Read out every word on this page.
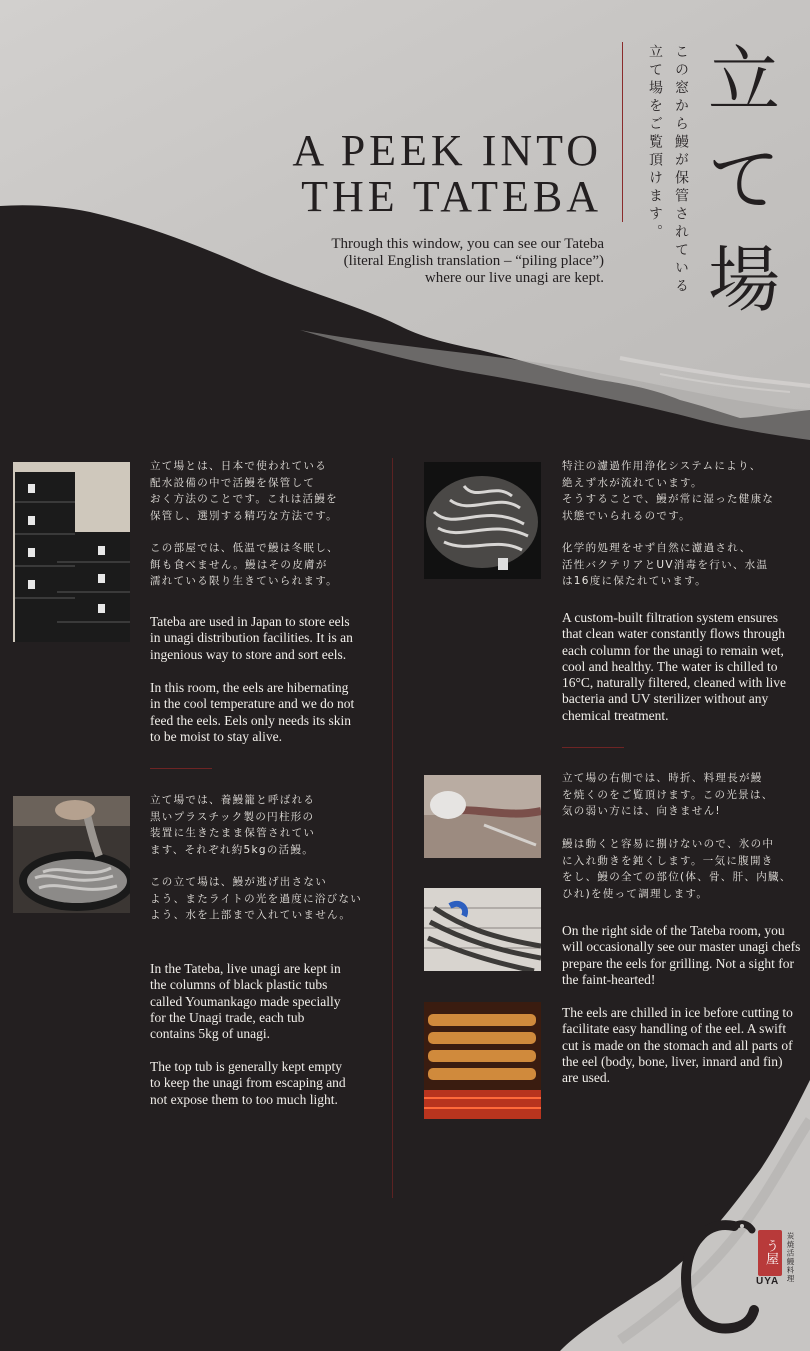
A PEEK INTO
THE TATEBA
Through this window, you can see our Tateba
(literal English translation – “piling place”)
where our live unagi are kept.	この窓から鰻が保管されている
立て場をご覧頂けます。 立
て
場
立て場とは、日本で使われている
配水設備の中で活鰻を保管して
おく方法のことです。これは活鰻を
保管し、選別する精巧な方法です。
この部屋では、低温で鰻は冬眠し、
餌も食べません。鰻はその皮膚が
濡れている限り生きていられます。
Tateba are used in Japan to store eels
in unagi distribution facilities. It is an
ingenious way to store and sort eels.
In this room, the eels are hibernating
in the cool temperature and we do not
feed the eels. Eels only needs its skin
to be moist to stay alive.
立て場では、養鰻籠と呼ばれる
黒いプラスチック製の円柱形の
装置に生きたまま保管されてい
ます、それぞれ約5kgの活鰻。
この立て場は、鰻が逃げ出さない
よう、またライトの光を過度に浴びない
よう、水を上部まで入れていません。
In the Tateba, live unagi are kept in
the columns of black plastic tubs
called Youmankago made specially
for the Unagi trade, each tub
contains 5kg of unagi.
The top tub is generally kept empty
to keep the unagi from escaping and
not expose them to too much light.
特注の濾過作用浄化システムにより、
絶えず水が流れています。
そうすることで、鰻が常に湿った健康な
状態でいられるのです。
化学的処理をせず自然に濾過され、
活性バクテリアとUV消毒を行い、水温
は16度に保たれています。
A custom-built filtration system ensures
that clean water constantly flows through
each column for the unagi to remain wet,
cool and healthy. The water is chilled to
16°C, naturally filtered, cleaned with live
bacteria and UV sterilizer without any
chemical treatment.
立て場の右側では、時折、料理長が鰻
を焼くのをご覧頂けます。この光景は、
気の弱い方には、向きません!
鰻は動くと容易に捌けないので、氷の中
に入れ動きを鈍くします。一気に腹開き
をし、鰻の全ての部位(体、骨、肝、内臓、
ひれ)を使って調理します。
On the right side of the Tateba room, you
will occasionally see our master unagi chefs
prepare the eels for grilling. Not a sight for
the faint-hearted!
The eels are chilled in ice before cutting to
facilitate easy handling of the eel. A swift
cut is made on the stomach and all parts of
the eel (body, bone, liver, innard and fin)
are used.
う屋
UYA 炭焼活鰻料理
